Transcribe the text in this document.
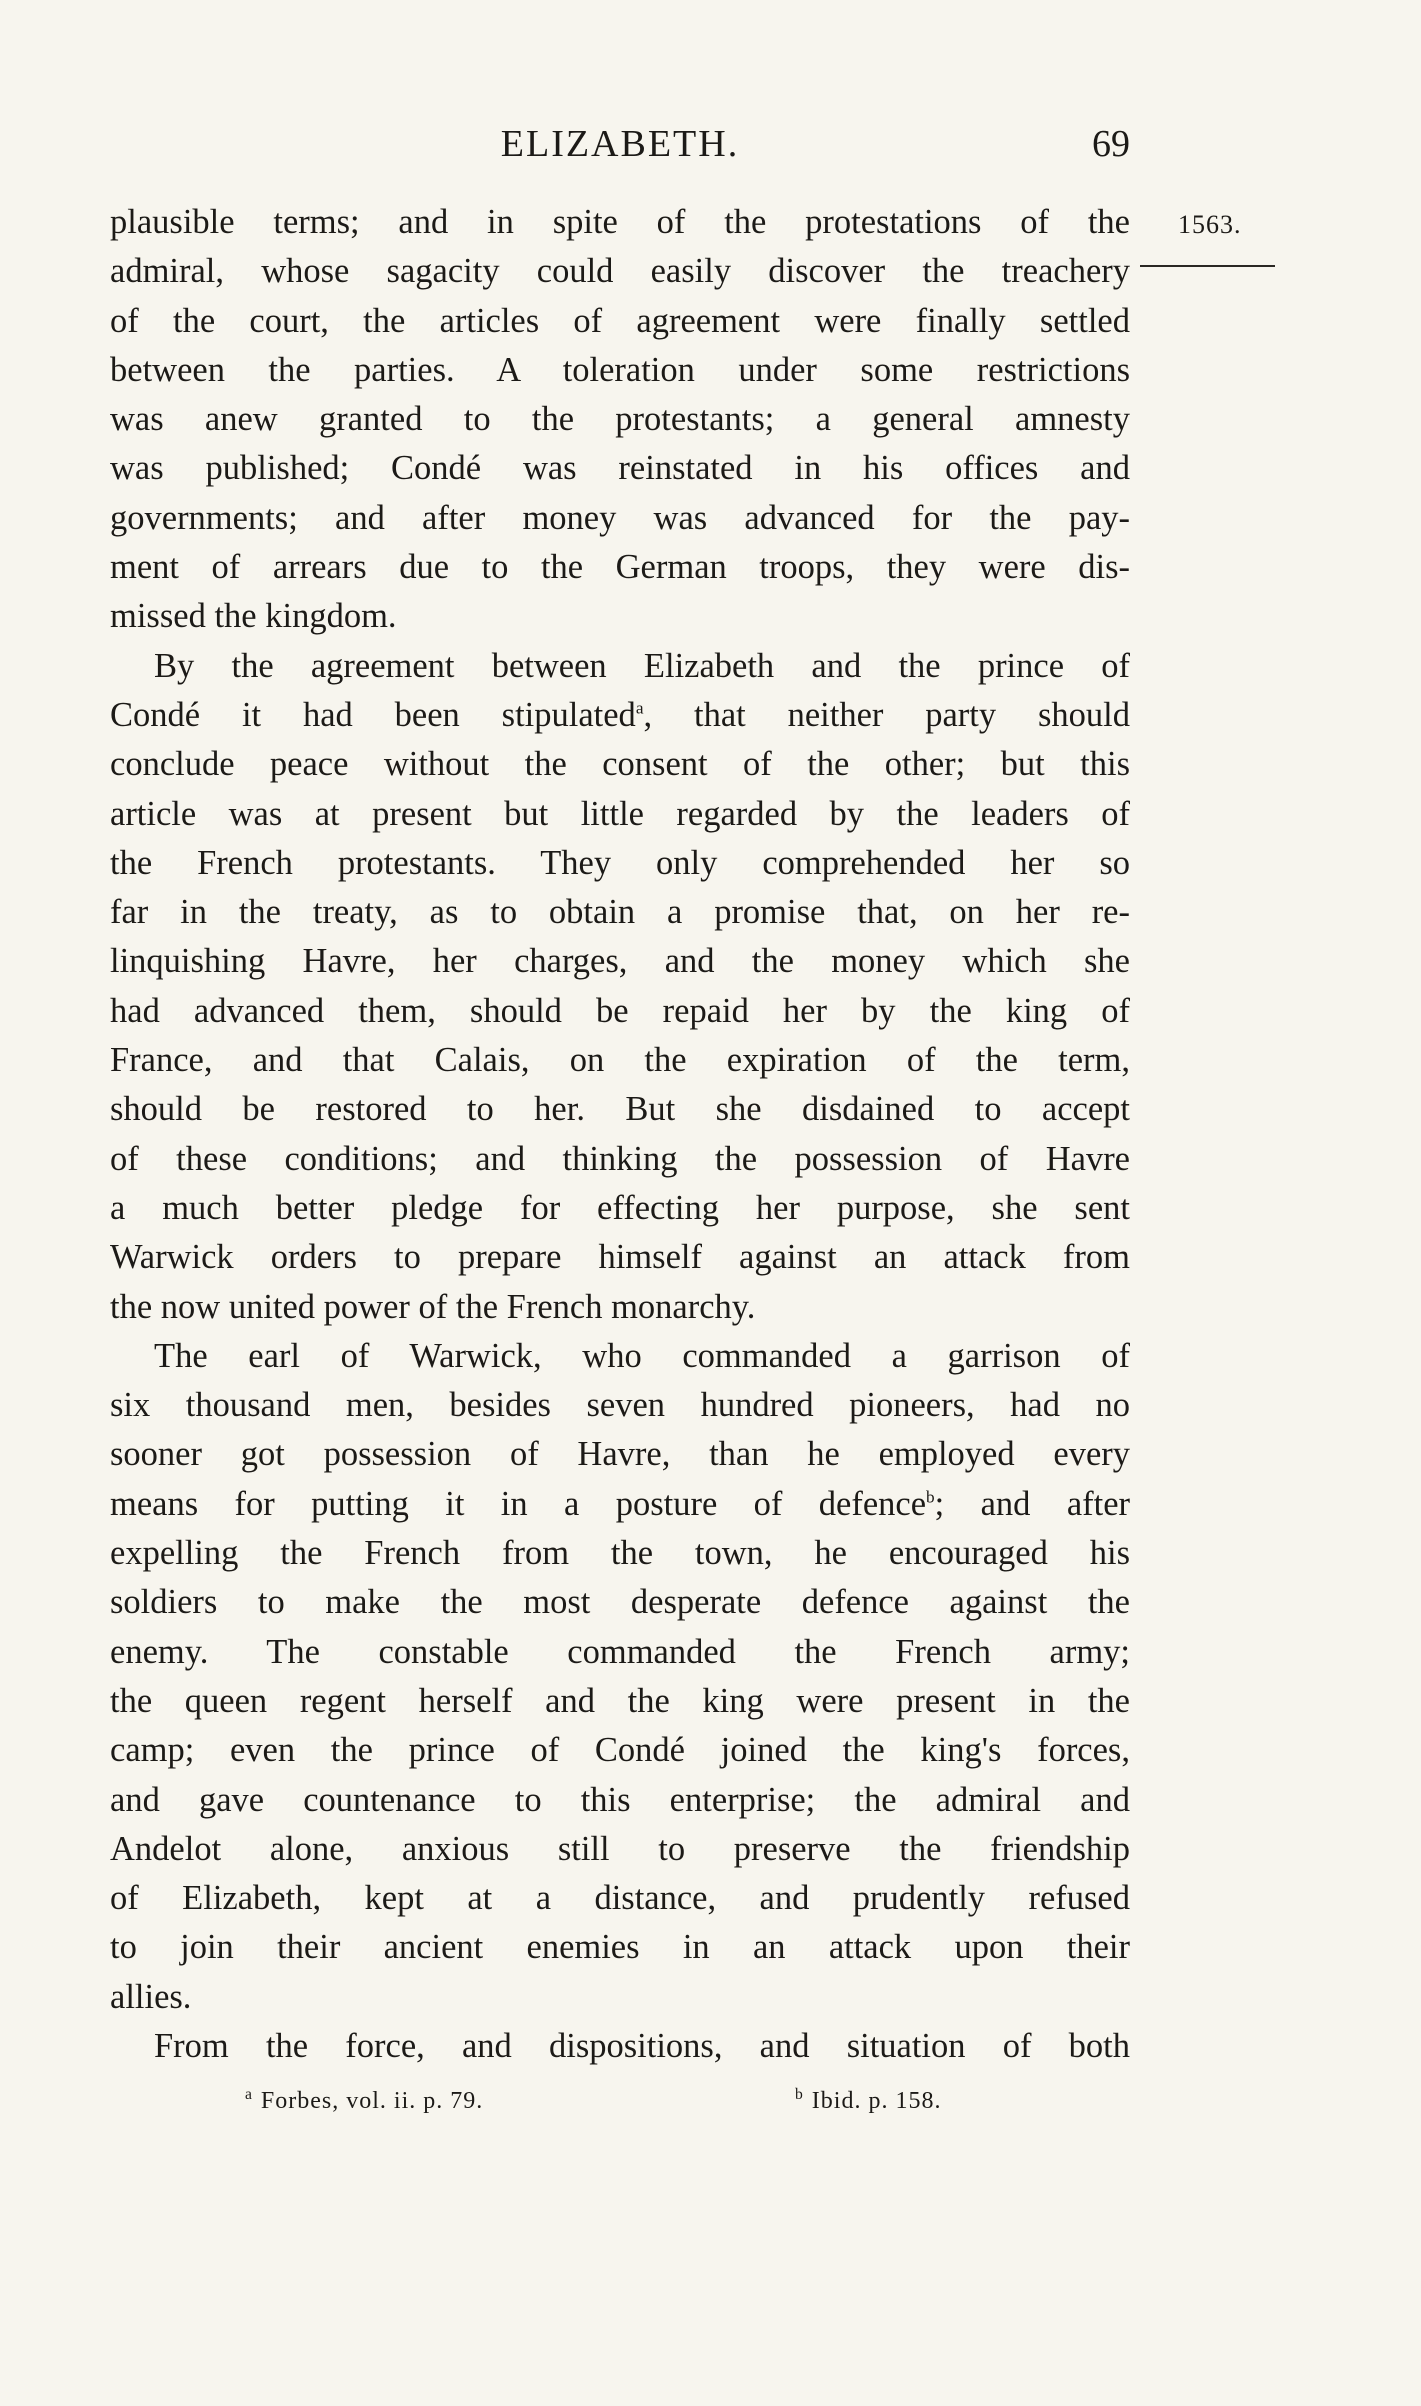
ELIZABETH.	69
1563.
plausible terms; and in spite of the protestations of the
admiral, whose sagacity could easily discover the treachery
of the court, the articles of agreement were finally settled
between the parties. A toleration under some restrictions
was anew granted to the protestants; a general amnesty
was published; Condé was reinstated in his offices and
governments; and after money was advanced for the pay-
ment of arrears due to the German troops, they were dis-
missed the kingdom.
By the agreement between Elizabeth and the prince of
Condé it had been stipulated$^a$, that neither party should
conclude peace without the consent of the other; but this
article was at present but little regarded by the leaders of
the French protestants. They only comprehended her so
far in the treaty, as to obtain a promise that, on her re-
linquishing Havre, her charges, and the money which she
had advanced them, should be repaid her by the king of
France, and that Calais, on the expiration of the term,
should be restored to her. But she disdained to accept
of these conditions; and thinking the possession of Havre
a much better pledge for effecting her purpose, she sent
Warwick orders to prepare himself against an attack from
the now united power of the French monarchy.
The earl of Warwick, who commanded a garrison of
six thousand men, besides seven hundred pioneers, had no
sooner got possession of Havre, than he employed every
means for putting it in a posture of defence$^b$; and after
expelling the French from the town, he encouraged his
soldiers to make the most desperate defence against the
enemy. The constable commanded the French army;
the queen regent herself and the king were present in the
camp; even the prince of Condé joined the king's forces,
and gave countenance to this enterprise; the admiral and
Andelot alone, anxious still to preserve the friendship
of Elizabeth, kept at a distance, and prudently refused
to join their ancient enemies in an attack upon their
allies.
From the force, and dispositions, and situation of both
$^a$ Forbes, vol. ii. p. 79.	$^b$ Ibid. p. 158.
